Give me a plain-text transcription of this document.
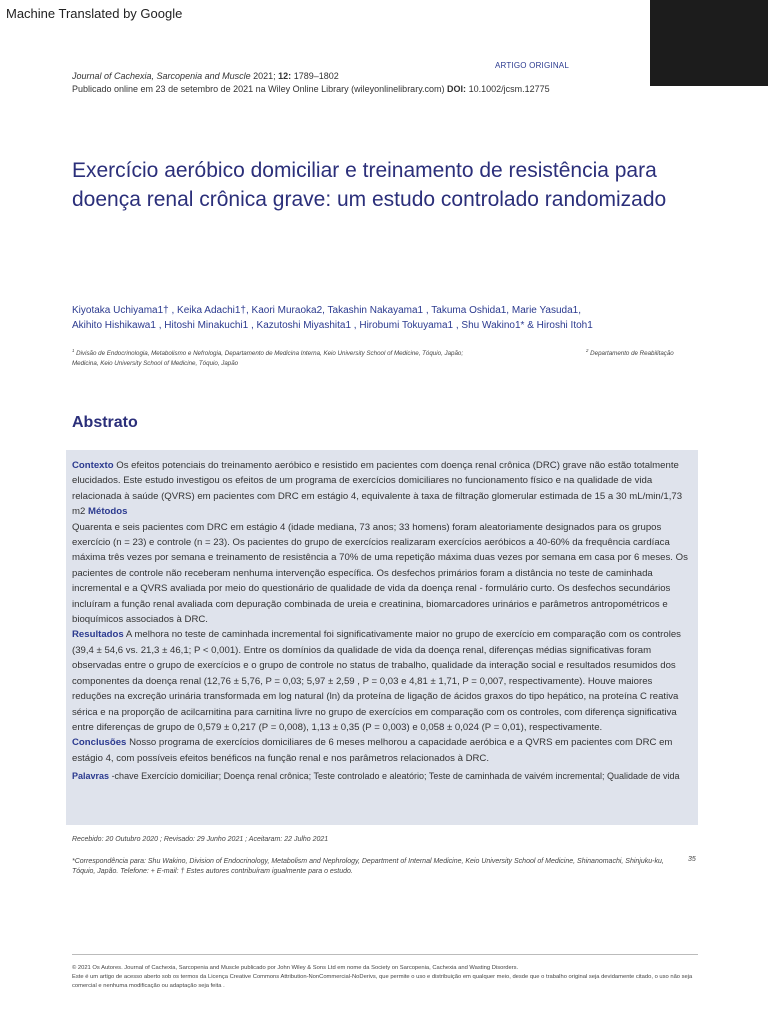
Machine Translated by Google
ARTIGO ORIGINAL
Journal of Cachexia, Sarcopenia and Muscle 2021; 12: 1789–1802
Publicado online em 23 de setembro de 2021 na Wiley Online Library (wileyonlinelibrary.com) DOI: 10.1002/jcsm.12775
Exercício aeróbico domiciliar e treinamento de resistência para doença renal crônica grave: um estudo controlado randomizado
Kiyotaka Uchiyama1† , Keika Adachi1†, Kaori Muraoka2, Takashin Nakayama1 , Takuma Oshida1, Marie Yasuda1,
Akihito Hishikawa1 , Hitoshi Minakuchi1 , Kazutoshi Miyashita1 , Hirobumi Tokuyama1 , Shu Wakino1* & Hiroshi Itoh1
$^1$ Divisão de Endocrinologia, Metabolismo e Nefrologia, Departamento de Medicina Interna, Keio University School of Medicine, Tóquio, Japão;
Medicina, Keio University School of Medicine, Tóquio, Japão
$^2$ Departamento de Reabilitação
Abstrato

Contexto Os efeitos potenciais do treinamento aeróbico e resistido em pacientes com doença renal crônica (DRC) grave não estão totalmente elucidados. Este estudo investigou os efeitos de um programa de exercícios domiciliares no funcionamento físico e na qualidade de vida relacionada à saúde (QVRS) em pacientes com DRC em estágio 4, equivalente à taxa de filtração glomerular estimada de 15 a 30 mL/min/1,73 m2 Métodos

Quarenta e seis pacientes com DRC em estágio 4 (idade mediana, 73 anos; 33 homens) foram aleatoriamente designados para os grupos exercício (n = 23) e controle (n = 23). Os pacientes do grupo de exercícios realizaram exercícios aeróbicos a 40-60% da frequência cardíaca máxima três vezes por semana e treinamento de resistência a 70% de uma repetição máxima duas vezes por semana em casa por 6 meses. Os pacientes de controle não receberam nenhuma intervenção específica. Os desfechos primários foram a distância no teste de caminhada incremental e a QVRS avaliada por meio do questionário de qualidade de vida da doença renal - formulário curto. Os desfechos secundários incluíram a função renal avaliada com depuração combinada de ureia e creatinina, biomarcadores urinários e parâmetros antropométricos e bioquímicos associados à DRC.

Resultados A melhora no teste de caminhada incremental foi significativamente maior no grupo de exercício em comparação com os controles (39,4 ± 54,6 vs. 21,3 ± 46,1; P < 0,001). Entre os domínios da qualidade de vida da doença renal, diferenças médias significativas foram observadas entre o grupo de exercícios e o grupo de controle no status de trabalho, qualidade da interação social e resultados resumidos dos componentes da doença renal (12,76 ± 5,76, P = 0,03; 5,97 ± 2,59 , P = 0,03 e 4,81 ± 1,71, P = 0,007, respectivamente). Houve maiores reduções na excreção urinária transformada em log natural (ln) da proteína de ligação de ácidos graxos do tipo hepático, na proteína C reativa sérica e na proporção de acilcarnitina para carnitina livre no grupo de exercícios em comparação com os controles, com diferença significativa entre diferenças de grupo de 0,579 ± 0,217 (P = 0,008), 1,13 ± 0,35 (P = 0,003) e 0,058 ± 0,024 (P = 0,01), respectivamente.

Conclusões Nosso programa de exercícios domiciliares de 6 meses melhorou a capacidade aeróbica e a QVRS em pacientes com DRC em estágio 4, com possíveis efeitos benéficos na função renal e nos parâmetros relacionados à DRC.

Palavras -chave Exercício domiciliar; Doença renal crônica; Teste controlado e aleatório; Teste de caminhada de vaivém incremental; Qualidade de vida

Recebido: 20 Outubro 2020 ; Revisado: 29 Junho 2021 ; Aceitaram: 22 Julho 2021
35
*Correspondência para: Shu Wakino, Division of Endocrinology, Metabolism and Nephrology, Department of Internal Medicine, Keio University School of Medicine, Shinanomachi, Shinjuku-ku, Tóquio, Japão. Telefone: + E-mail: † Estes autores contribuíram igualmente para o estudo.
© 2021 Os Autores. Journal of Cachexia, Sarcopenia and Muscle publicado por John Wiley & Sons Ltd em nome da Society on Sarcopenia, Cachexia and Wasting Disorders.
Este é um artigo de acesso aberto sob os termos da Licença Creative Commons Attribution-NonCommercial-NoDerivs, que permite o uso e distribuição em qualquer meio, desde que o trabalho original seja devidamente citado, o uso não seja comercial e nenhuma modificação ou adaptação seja feita .
